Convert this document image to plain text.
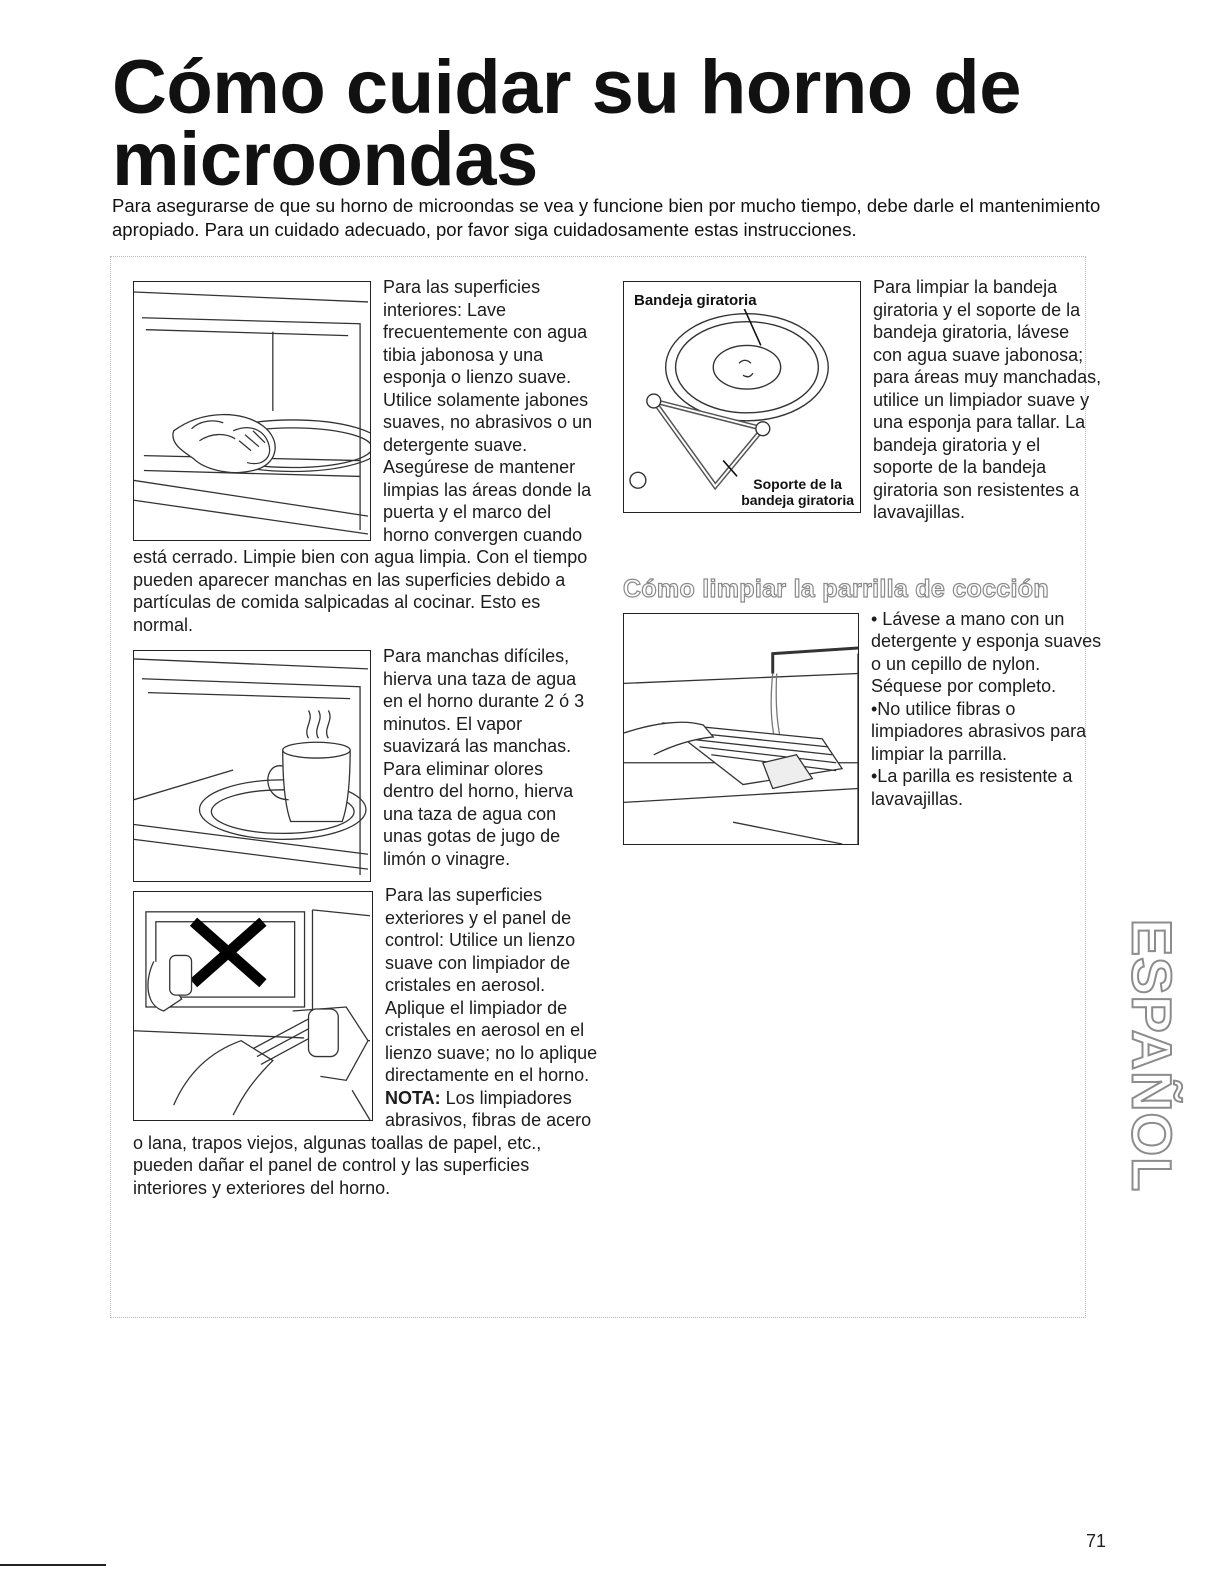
Cómo cuidar su horno de microondas

Para asegurarse de que su horno de microondas se vea y funcione bien por mucho tiempo, debe darle el mantenimiento apropiado. Para un cuidado adecuado, por favor siga cuidadosamente estas instrucciones.

Para las superficies interiores: Lave frecuentemente con agua tibia jabonosa y una esponja o lienzo suave. Utilice solamente jabones suaves, no abrasivos o un detergente suave. Asegúrese de mantener limpias las áreas donde la puerta y el marco del horno convergen cuando está cerrado. Limpie bien con agua limpia. Con el tiempo pueden aparecer manchas en las superficies debido a partículas de comida salpicadas al cocinar. Esto es normal.

Para manchas difíciles, hierva una taza de agua en el horno durante 2 ó 3 minutos. El vapor suavizará las manchas. Para eliminar olores dentro del horno, hierva una taza de agua con unas gotas de jugo de limón o vinagre.

Para las superficies exteriores y el panel de control: Utilice un lienzo suave con limpiador de cristales en aerosol. Aplique el limpiador de cristales en aerosol en el lienzo suave; no lo aplique directamente en el horno. NOTA: Los limpiadores abrasivos, fibras de acero o lana, trapos viejos, algunas toallas de papel, etc., pueden dañar el panel de control y las superficies interiores y exteriores del horno.

Bandeja giratoria
Soporte de la
bandeja giratoria
Para limpiar la bandeja giratoria y el soporte de la bandeja giratoria, lávese con agua suave jabonosa; para áreas muy manchadas, utilice un limpiador suave y una esponja para tallar. La bandeja giratoria y el soporte de la bandeja giratoria son resistentes a lavavajillas.

Cómo limpiar la parrilla de cocción

• Lávese a mano con un detergente y esponja suaves o un cepillo de nylon. Séquese por completo.
•No utilice fibras o limpiadores abrasivos para limpiar la parrilla.
•La parilla es resistente a lavavajillas.

ESPAÑOL
71
